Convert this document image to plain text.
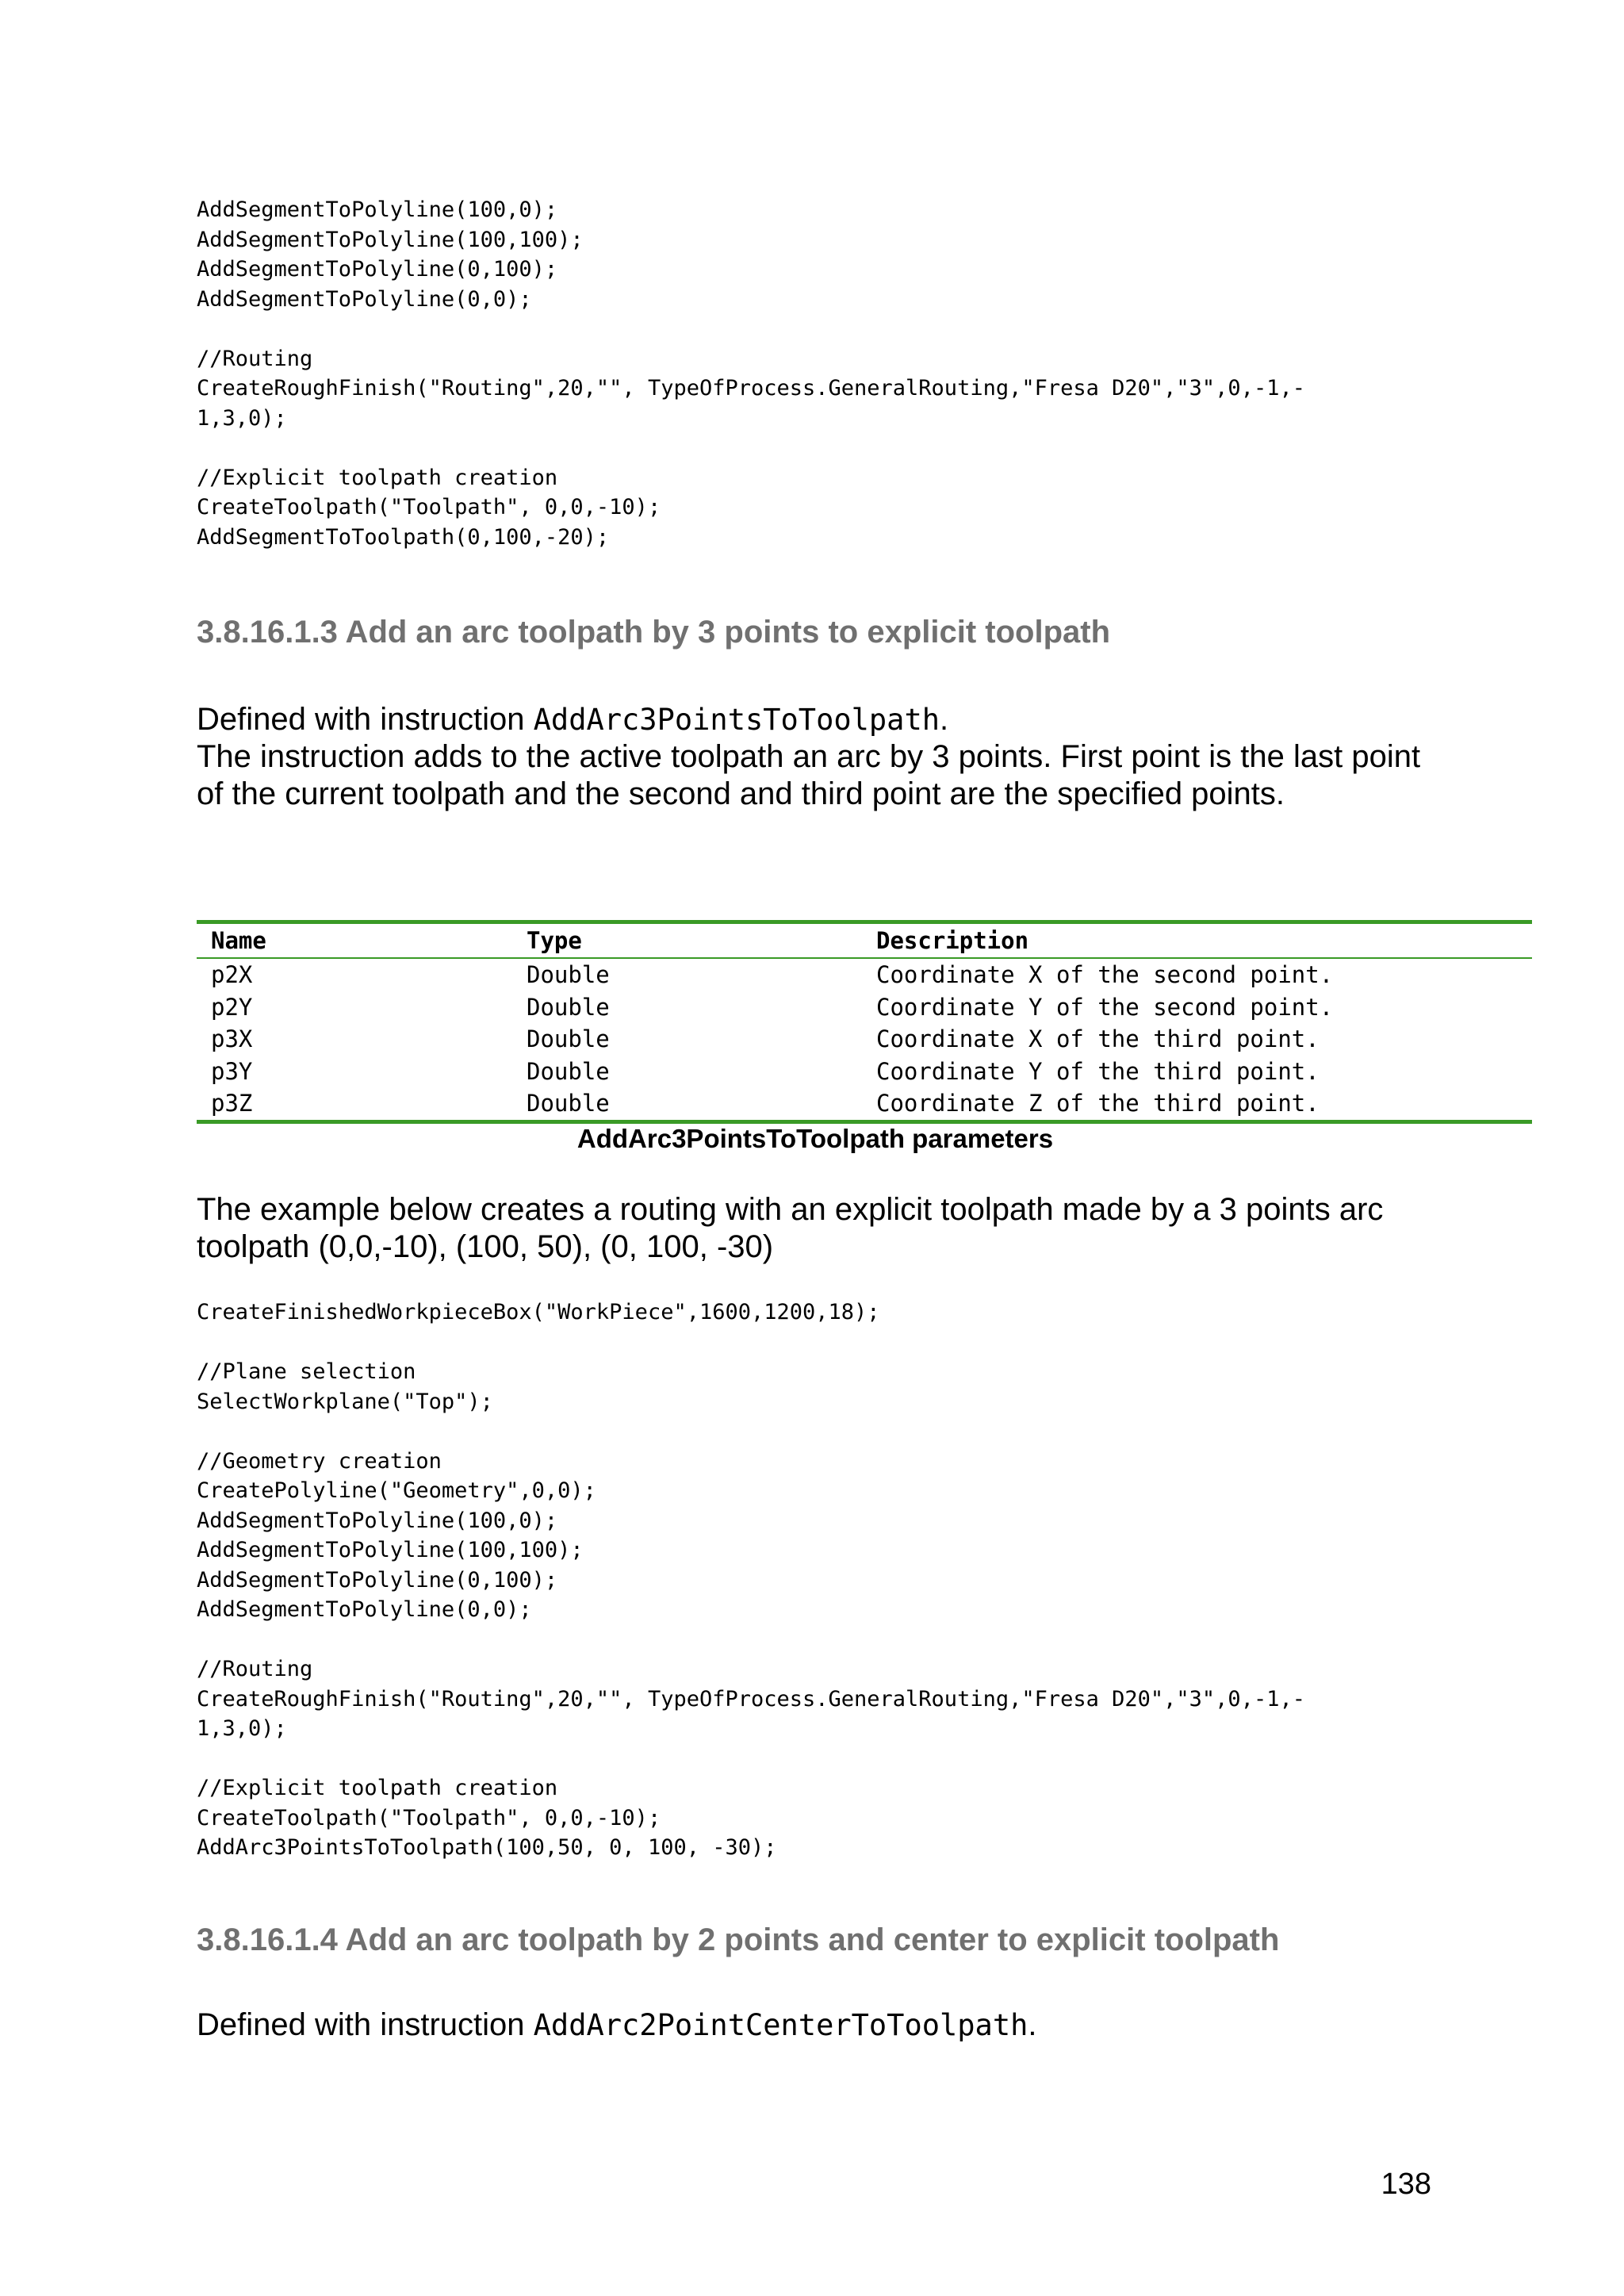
AddSegmentToPolyline(100,0);
AddSegmentToPolyline(100,100);
AddSegmentToPolyline(0,100);
AddSegmentToPolyline(0,0);

//Routing
CreateRoughFinish("Routing",20,"", TypeOfProcess.GeneralRouting,"Fresa D20","3",0,-1,-
1,3,0);

//Explicit toolpath creation
CreateToolpath("Toolpath", 0,0,-10);
AddSegmentToToolpath(0,100,-20);
3.8.16.1.3 Add an arc toolpath by 3 points to explicit toolpath

Defined with instruction AddArc3PointsToToolpath.

The instruction adds to the active toolpath an arc by 3 points. First point is the last point of the current toolpath and the second and third point are the specified points.

Name	Type	Description
p2X	Double	Coordinate X of the second point.
p2Y	Double	Coordinate Y of the second point.
p3X	Double	Coordinate X of the third point.
p3Y	Double	Coordinate Y of the third point.
p3Z	Double	Coordinate Z of the third point.

AddArc3PointsToToolpath parameters

The example below creates a routing with an explicit toolpath made by a 3 points arc toolpath (0,0,-10), (100, 50), (0, 100, -30)

CreateFinishedWorkpieceBox("WorkPiece",1600,1200,18);

//Plane selection
SelectWorkplane("Top");

//Geometry creation
CreatePolyline("Geometry",0,0);
AddSegmentToPolyline(100,0);
AddSegmentToPolyline(100,100);
AddSegmentToPolyline(0,100);
AddSegmentToPolyline(0,0);

//Routing
CreateRoughFinish("Routing",20,"", TypeOfProcess.GeneralRouting,"Fresa D20","3",0,-1,-
1,3,0);

//Explicit toolpath creation
CreateToolpath("Toolpath", 0,0,-10);
AddArc3PointsToToolpath(100,50, 0, 100, -30);
3.8.16.1.4 Add an arc toolpath by 2 points and center to explicit toolpath

Defined with instruction AddArc2PointCenterToToolpath.

138
